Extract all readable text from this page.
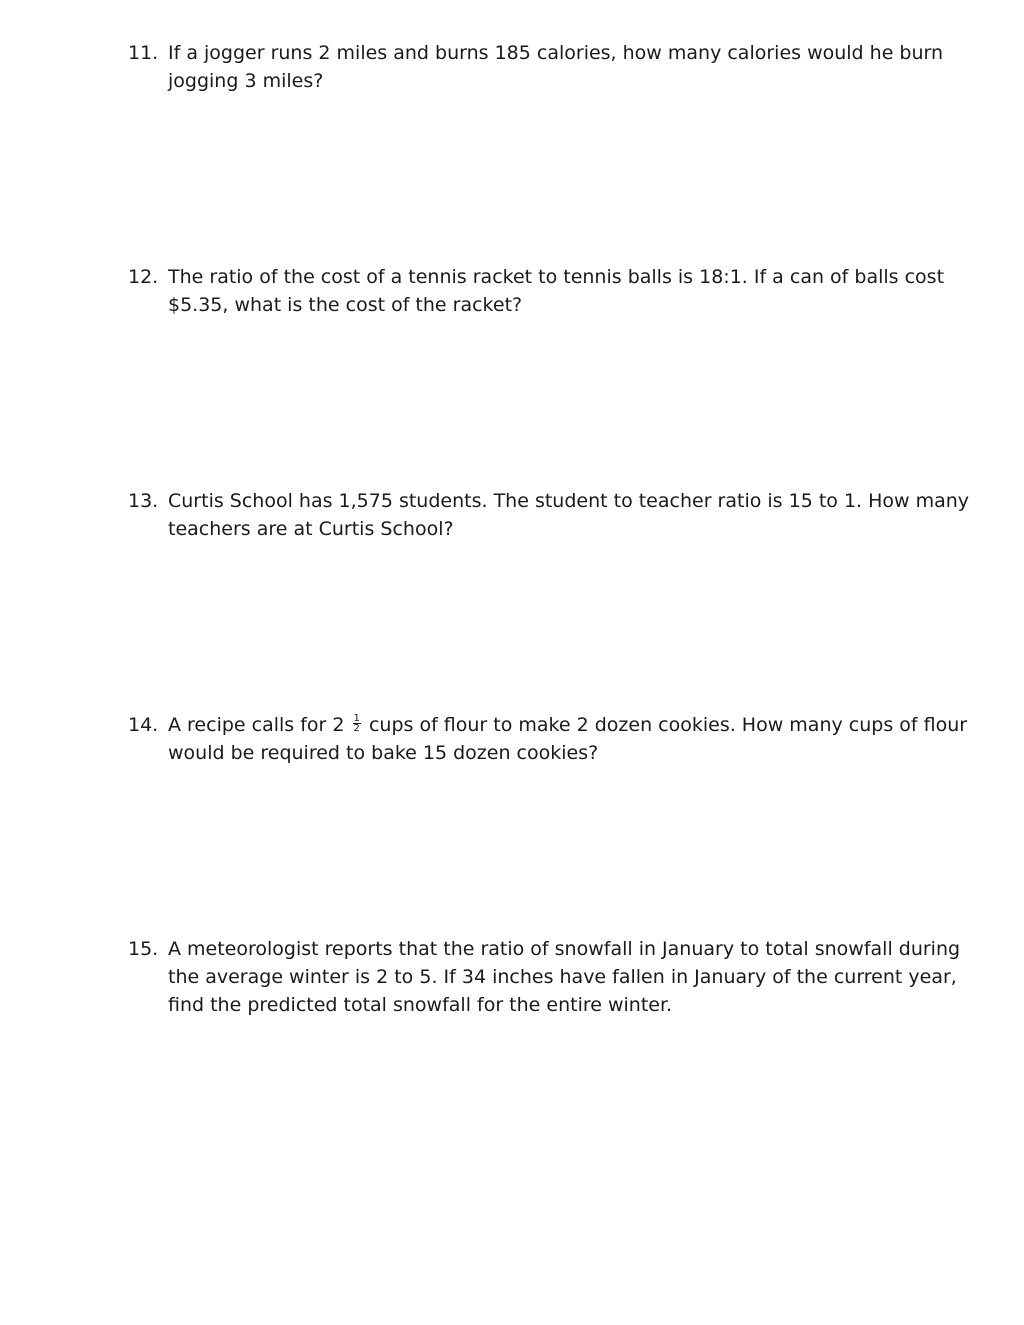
11. If a jogger runs 2 miles and burns 185 calories, how many calories would he burn jogging 3 miles?
12. The ratio of the cost of a tennis racket to tennis balls is 18:1. If a can of balls cost $5.35, what is the cost of the racket?
13. Curtis School has 1,575 students. The student to teacher ratio is 15 to 1. How many teachers are at Curtis School?
14. A recipe calls for $2 \frac{1}{2}$ cups of flour to make 2 dozen cookies. How many cups of flour would be required to bake 15 dozen cookies?
15. A meteorologist reports that the ratio of snowfall in January to total snowfall during the average winter is 2 to 5. If 34 inches have fallen in January of the current year, find the predicted total snowfall for the entire winter.
